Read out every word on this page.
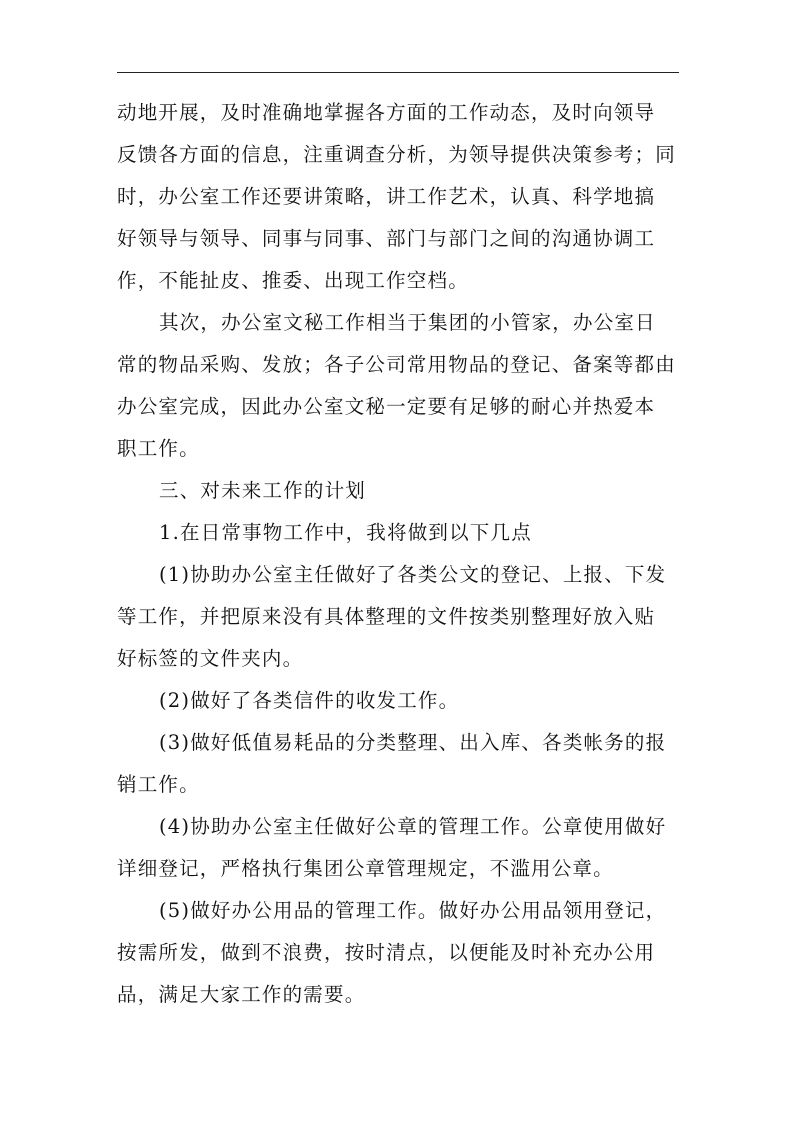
动地开展，及时准确地掌握各方面的工作动态，及时向领导
反馈各方面的信息，注重调查分析，为领导提供决策参考；同
时，办公室工作还要讲策略，讲工作艺术，认真、科学地搞
好领导与领导、同事与同事、部门与部门之间的沟通协调工
作，不能扯皮、推委、出现工作空档。
其次，办公室文秘工作相当于集团的小管家，办公室日
常的物品采购、发放；各子公司常用物品的登记、备案等都由
办公室完成，因此办公室文秘一定要有足够的耐心并热爱本
职工作。
三、对未来工作的计划
1.在日常事物工作中，我将做到以下几点
(1)协助办公室主任做好了各类公文的登记、上报、下发
等工作，并把原来没有具体整理的文件按类别整理好放入贴
好标签的文件夹内。
(2)做好了各类信件的收发工作。
(3)做好低值易耗品的分类整理、出入库、各类帐务的报
销工作。
(4)协助办公室主任做好公章的管理工作。公章使用做好
详细登记，严格执行集团公章管理规定，不滥用公章。
(5)做好办公用品的管理工作。做好办公用品领用登记，
按需所发，做到不浪费，按时清点，以便能及时补充办公用
品，满足大家工作的需要。
